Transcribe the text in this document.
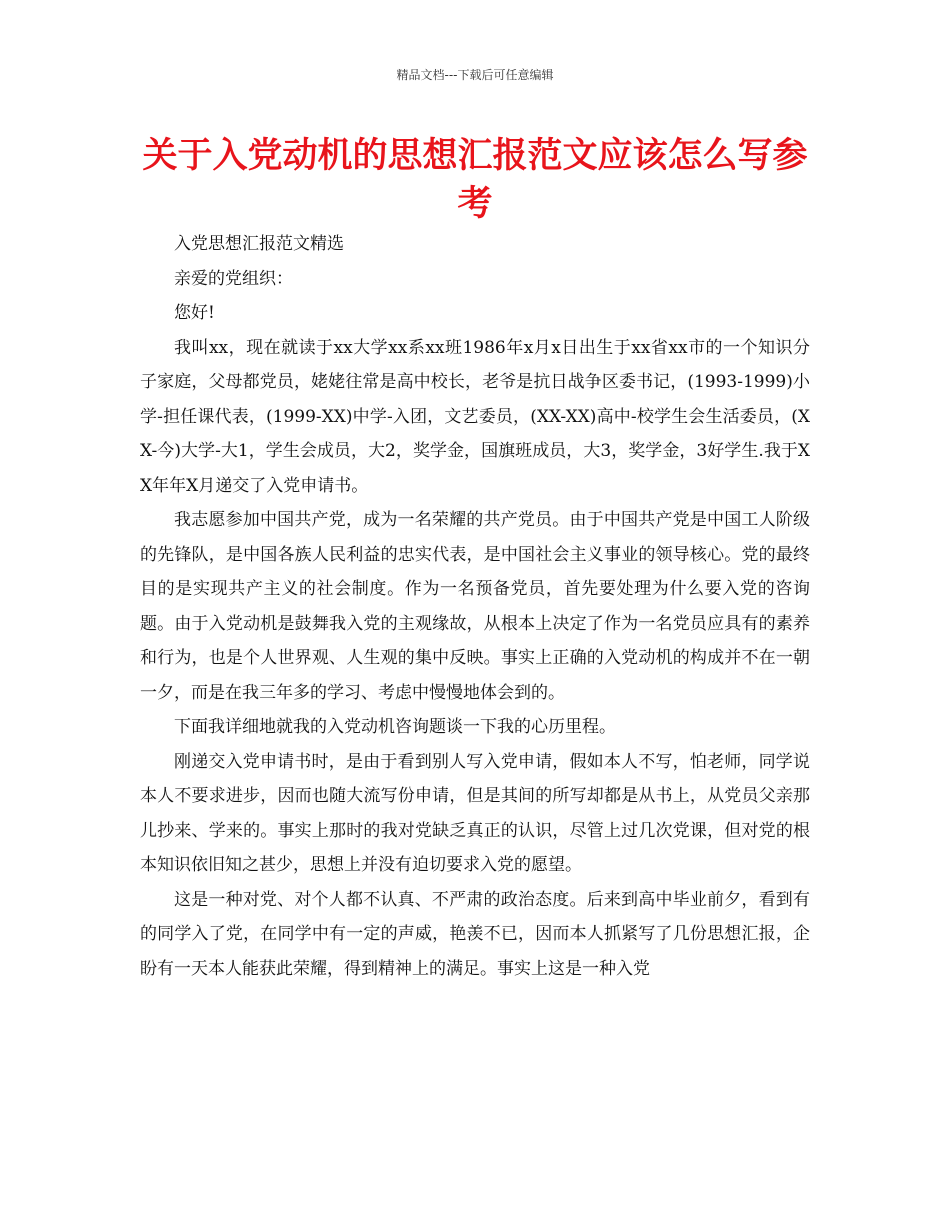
精品文档---下载后可任意编辑
关于入党动机的思想汇报范文应该怎么写参考

入党思想汇报范文精选

亲爱的党组织：

您好!

我叫xx，现在就读于xx大学xx系xx班1986年x月x日出生于xx省xx市的一个知识分子家庭，父母都党员，姥姥往常是高中校长，老爷是抗日战争区委书记，(1993-1999)小学-担任课代表，(1999-XX)中学-入团，文艺委员，(XX-XX)高中-校学生会生活委员，(XX-今)大学-大1，学生会成员，大2，奖学金，国旗班成员，大3，奖学金，3好学生.我于XX年年X月递交了入党申请书。

我志愿参加中国共产党，成为一名荣耀的共产党员。由于中国共产党是中国工人阶级的先锋队，是中国各族人民利益的忠实代表，是中国社会主义事业的领导核心。党的最终目的是实现共产主义的社会制度。作为一名预备党员，首先要处理为什么要入党的咨询题。由于入党动机是鼓舞我入党的主观缘故，从根本上决定了作为一名党员应具有的素养和行为，也是个人世界观、人生观的集中反映。事实上正确的入党动机的构成并不在一朝一夕，而是在我三年多的学习、考虑中慢慢地体会到的。

下面我详细地就我的入党动机咨询题谈一下我的心历里程。

刚递交入党申请书时，是由于看到别人写入党申请，假如本人不写，怕老师，同学说本人不要求进步，因而也随大流写份申请，但是其间的所写却都是从书上，从党员父亲那儿抄来、学来的。事实上那时的我对党缺乏真正的认识，尽管上过几次党课，但对党的根本知识依旧知之甚少，思想上并没有迫切要求入党的愿望。

这是一种对党、对个人都不认真、不严肃的政治态度。后来到高中毕业前夕，看到有的同学入了党，在同学中有一定的声威，艳羡不已，因而本人抓紧写了几份思想汇报，企盼有一天本人能获此荣耀，得到精神上的满足。事实上这是一种入党
